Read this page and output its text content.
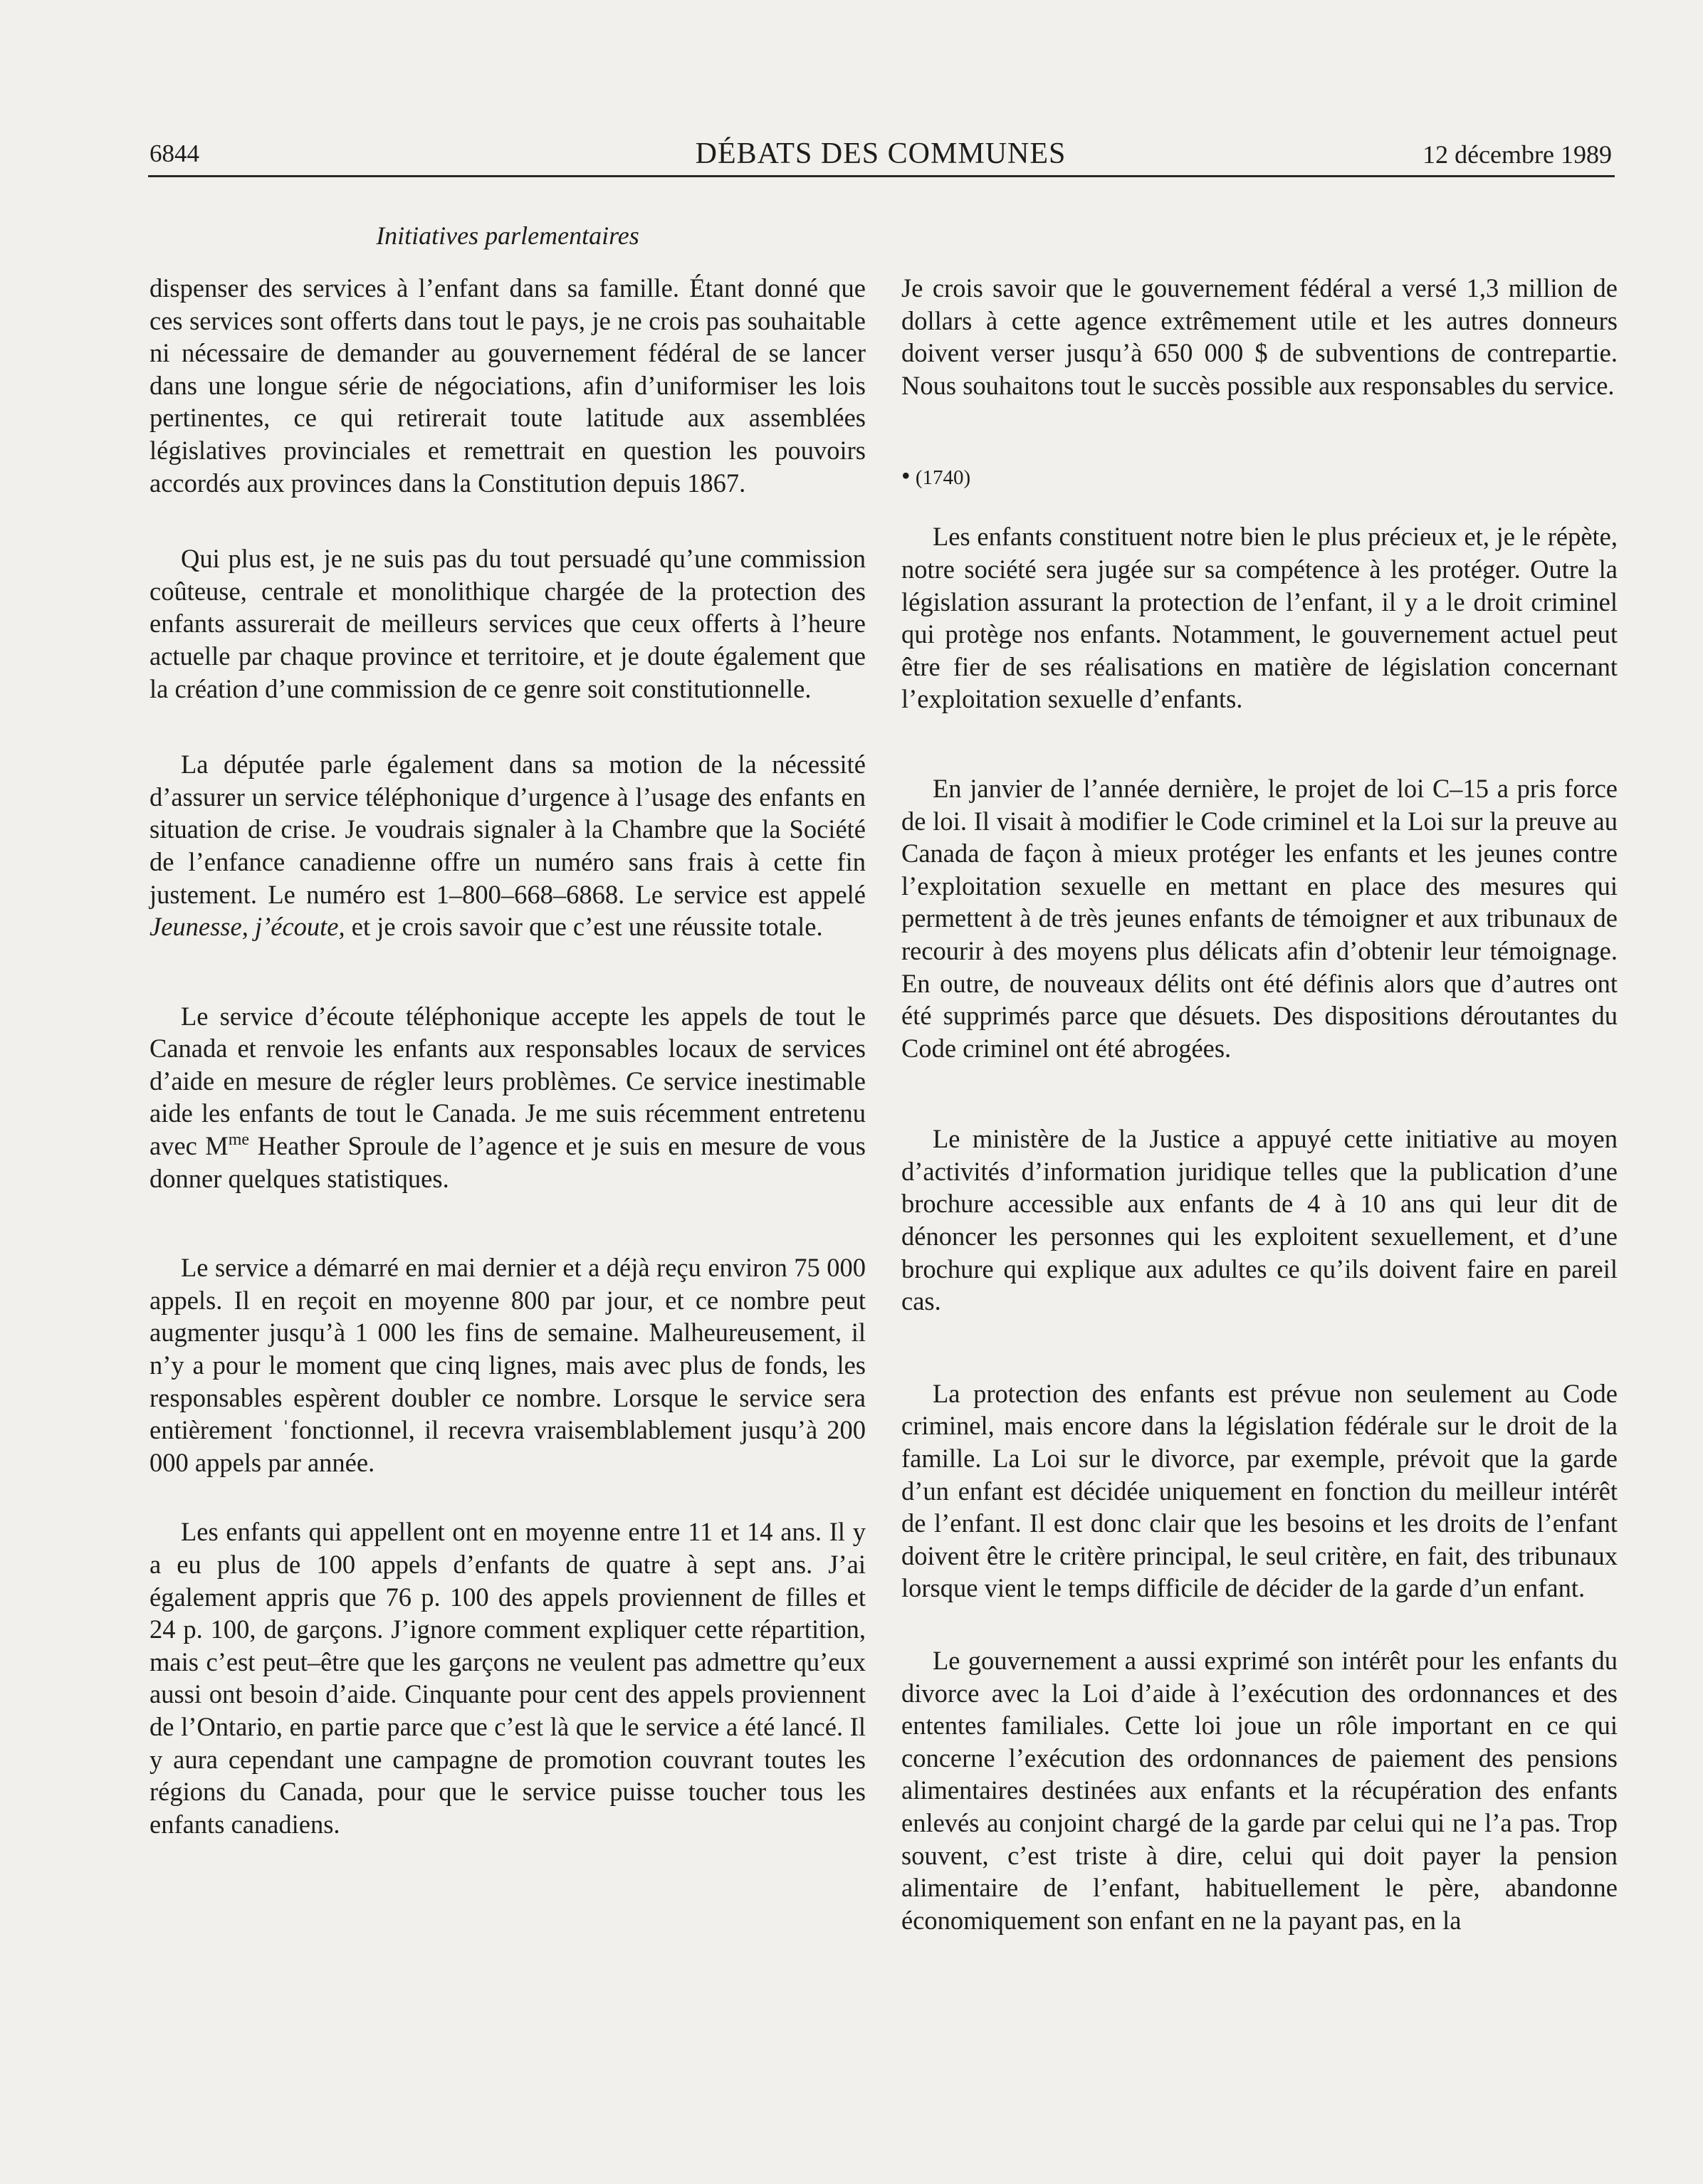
6844	DÉBATS DES COMMUNES	12 décembre 1989
Initiatives parlementaires

dispenser des services à l’enfant dans sa famille. Étant donné que ces services sont offerts dans tout le pays, je ne crois pas souhaitable ni nécessaire de demander au gouvernement fédéral de se lancer dans une longue série de négociations, afin d’uniformiser les lois pertinentes, ce qui retirerait toute latitude aux assemblées législatives provinciales et remettrait en question les pouvoirs accordés aux provinces dans la Constitution depuis 1867.

Qui plus est, je ne suis pas du tout persuadé qu’une commission coûteuse, centrale et monolithique chargée de la protection des enfants assurerait de meilleurs services que ceux offerts à l’heure actuelle par chaque province et territoire, et je doute également que la création d’une commission de ce genre soit constitutionnelle.

La députée parle également dans sa motion de la nécessité d’assurer un service téléphonique d’urgence à l’usage des enfants en situation de crise. Je voudrais signaler à la Chambre que la Société de l’enfance canadienne offre un numéro sans frais à cette fin justement. Le numéro est 1–800–668–6868. Le service est appelé Jeunesse, j’écoute, et je crois savoir que c’est une réussite totale.

Le service d’écoute téléphonique accepte les appels de tout le Canada et renvoie les enfants aux responsables locaux de services d’aide en mesure de régler leurs problèmes. Ce service inestimable aide les enfants de tout le Canada. Je me suis récemment entretenu avec $M^{me}$ Heather Sproule de l’agence et je suis en mesure de vous donner quelques statistiques.

Le service a démarré en mai dernier et a déjà reçu environ 75 000 appels. Il en reçoit en moyenne 800 par jour, et ce nombre peut augmenter jusqu’à 1 000 les fins de semaine. Malheureusement, il n’y a pour le moment que cinq lignes, mais avec plus de fonds, les responsables espèrent doubler ce nombre. Lorsque le service sera entièrement ˈfonctionnel, il recevra vraisemblablement jusqu’à 200 000 appels par année.

Les enfants qui appellent ont en moyenne entre 11 et 14 ans. Il y a eu plus de 100 appels d’enfants de quatre à sept ans. J’ai également appris que 76 p. 100 des appels proviennent de filles et 24 p. 100, de garçons. J’ignore comment expliquer cette répartition, mais c’est peut–être que les garçons ne veulent pas admettre qu’eux aussi ont besoin d’aide. Cinquante pour cent des appels proviennent de l’Ontario, en partie parce que c’est là que le service a été lancé. Il y aura cependant une campagne de promotion couvrant toutes les régions du Canada, pour que le service puisse toucher tous les enfants canadiens.

Je crois savoir que le gouvernement fédéral a versé 1,3 million de dollars à cette agence extrêmement utile et les autres donneurs doivent verser jusqu’à 650 000 $ de subventions de contrepartie. Nous souhaitons tout le succès possible aux responsables du service.

• (1740)

Les enfants constituent notre bien le plus précieux et, je le répète, notre société sera jugée sur sa compétence à les protéger. Outre la législation assurant la protection de l’enfant, il y a le droit criminel qui protège nos enfants. Notamment, le gouvernement actuel peut être fier de ses réalisations en matière de législation concernant l’exploitation sexuelle d’enfants.

En janvier de l’année dernière, le projet de loi C–15 a pris force de loi. Il visait à modifier le Code criminel et la Loi sur la preuve au Canada de façon à mieux protéger les enfants et les jeunes contre l’exploitation sexuelle en mettant en place des mesures qui permettent à de très jeunes enfants de témoigner et aux tribunaux de recourir à des moyens plus délicats afin d’obtenir leur témoignage. En outre, de nouveaux délits ont été définis alors que d’autres ont été supprimés parce que désuets. Des dispositions déroutantes du Code criminel ont été abrogées.

Le ministère de la Justice a appuyé cette initiative au moyen d’activités d’information juridique telles que la publication d’une brochure accessible aux enfants de 4 à 10 ans qui leur dit de dénoncer les personnes qui les exploitent sexuellement, et d’une brochure qui explique aux adultes ce qu’ils doivent faire en pareil cas.

La protection des enfants est prévue non seulement au Code criminel, mais encore dans la législation fédérale sur le droit de la famille. La Loi sur le divorce, par exemple, prévoit que la garde d’un enfant est décidée uniquement en fonction du meilleur intérêt de l’enfant. Il est donc clair que les besoins et les droits de l’enfant doivent être le critère principal, le seul critère, en fait, des tribunaux lorsque vient le temps difficile de décider de la garde d’un enfant.

Le gouvernement a aussi exprimé son intérêt pour les enfants du divorce avec la Loi d’aide à l’exécution des ordonnances et des ententes familiales. Cette loi joue un rôle important en ce qui concerne l’exécution des ordonnances de paiement des pensions alimentaires destinées aux enfants et la récupération des enfants enlevés au conjoint chargé de la garde par celui qui ne l’a pas. Trop souvent, c’est triste à dire, celui qui doit payer la pension alimentaire de l’enfant, habituellement le père, abandonne économiquement son enfant en ne la payant pas, en la
